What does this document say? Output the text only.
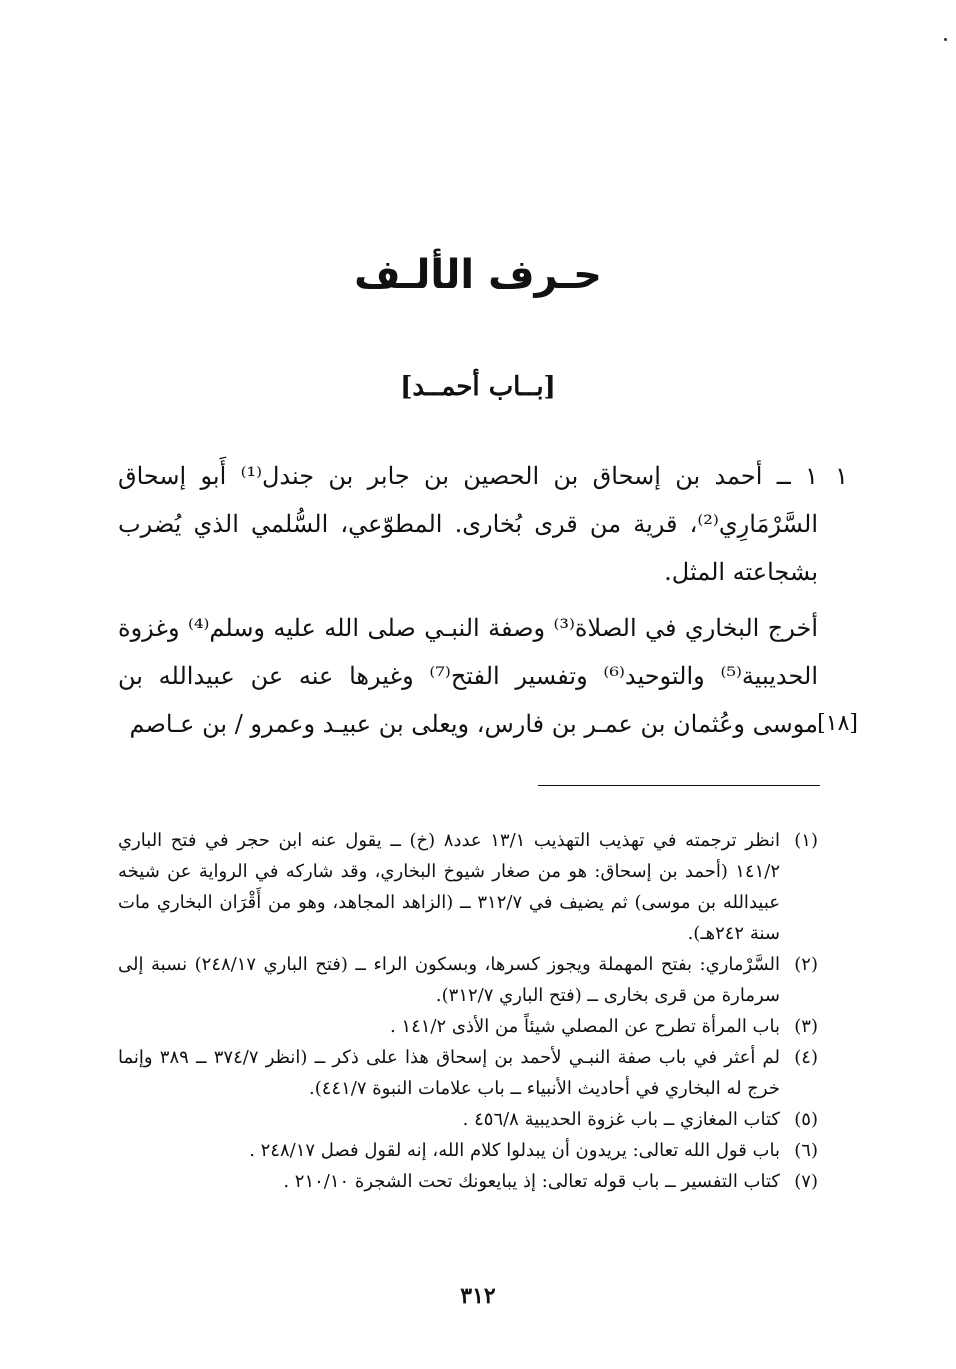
حـرف الألـف
[بــاب أحمــد]
١

١ ــ أحمد بن إسحاق بن الحصين بن جابر بن جندل⁽¹⁾ أَبو إسحاق السَّرْمَارِي⁽²⁾، قرية من قرى بُخارى. المطوّعي، السُّلمي الذي يُضرب بشجاعته المثل.

أخرج البخاري في الصلاة⁽³⁾ وصفة النبـي صلى الله عليه وسلم⁽⁴⁾ وغزوة الحديبية⁽⁵⁾ والتوحيد⁽⁶⁾ وتفسير الفتح⁽⁷⁾ وغيرها عنه عن عبيدالله بن موسى وعُثمان بن عمـر بن فارس، ويعلى بن عبيـد وعمرو / بن عـاصم [١٨]
(١)
انظر ترجمته في تهذيب التهذيب ١٣/١ عدد٨ (خ) ــ يقول عنه ابن حجر في فتح الباري ١٤١/٢ (أحمد بن إسحاق: هو من صغار شيوخ البخاري، وقد شاركه في الرواية عن شيخه عبيدالله بن موسى) ثم يضيف في ٣١٢/٧ ــ (الزاهد المجاهد، وهو من أَقْرَان البخاري مات سنة ٢٤٢هـ).
(٢)
السَّرْماري: بفتح المهملة ويجوز كسرها، وبسكون الراء ــ (فتح الباري ٢٤٨/١٧) نسبة إلى سرمارة من قرى بخارى ــ (فتح الباري ٣١٢/٧).
(٣)
باب المرأة تطرح عن المصلي شيئاً من الأذى ١٤١/٢ .
(٤)
لم أعثر في باب صفة النبـي لأحمد بن إسحاق هذا على ذكر ــ (انظر ٣٧٤/٧ ــ ٣٨٩ وإنما خرج له البخاري في أحاديث الأنبياء ــ باب علامات النبوة ٤٤١/٧).
(٥)
كتاب المغازي ــ باب غزوة الحديبية ٤٥٦/٨ .
(٦)
باب قول الله تعالى: يريدون أن يبدلوا كلام الله، إنه لقول فصل ٢٤٨/١٧ .
(٧)
كتاب التفسير ــ باب قوله تعالى: إذ يبايعونك تحت الشجرة ٢١٠/١٠ .
٣١٢
